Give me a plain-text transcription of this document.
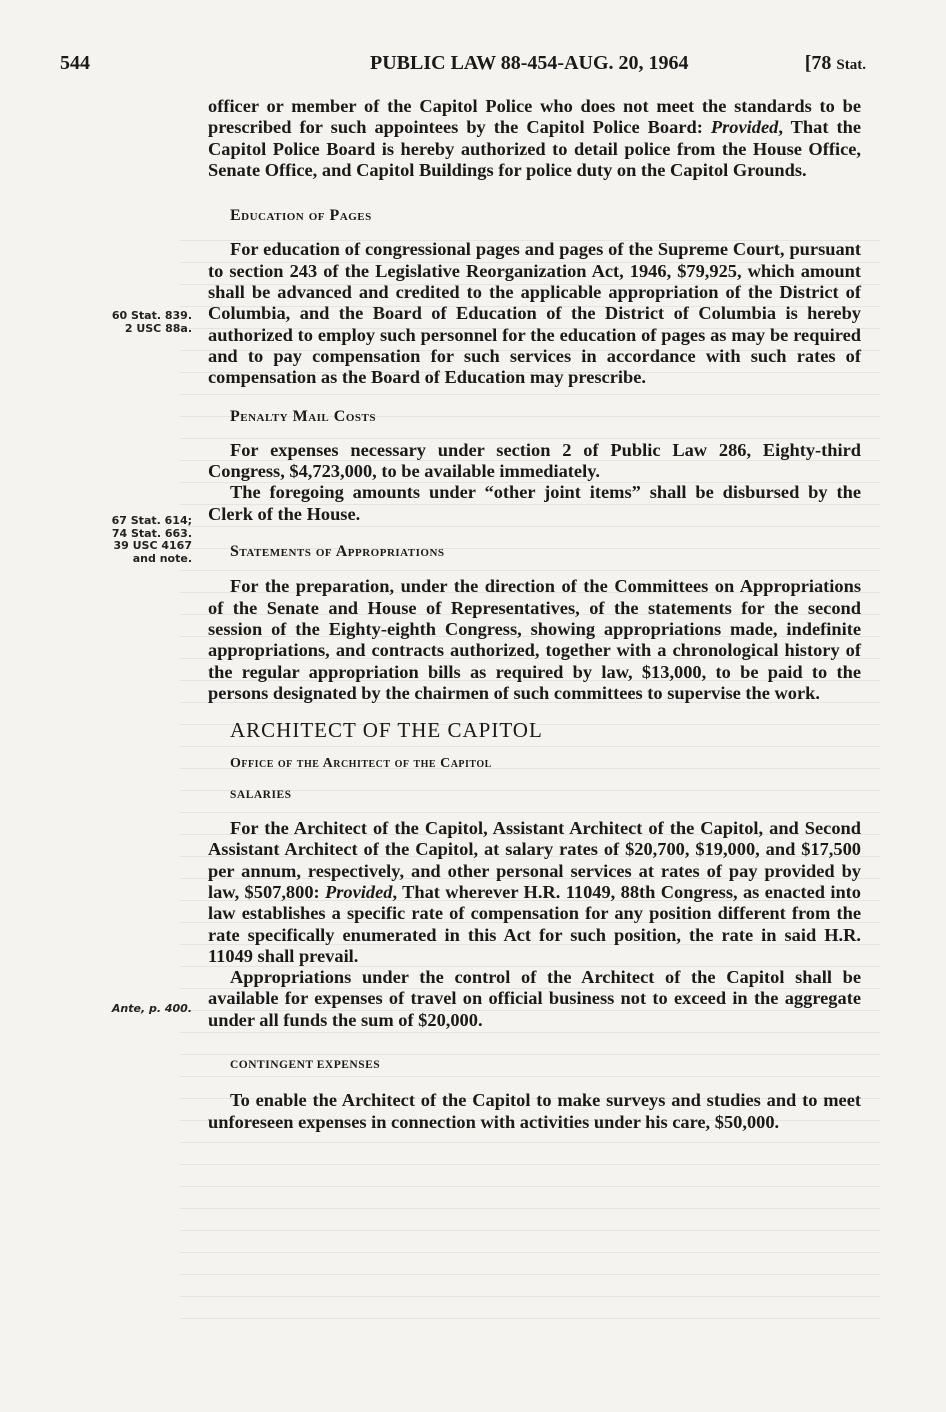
544	PUBLIC LAW 88-454-AUG. 20, 1964	[78 Stat.
60 Stat. 839.
2 USC 88a.
67 Stat. 614;
74 Stat. 663.
39 USC 4167
and note.
Ante, p. 400.

officer or member of the Capitol Police who does not meet the standards to be prescribed for such appointees by the Capitol Police Board: Provided, That the Capitol Police Board is hereby authorized to detail police from the House Office, Senate Office, and Capitol Buildings for police duty on the Capitol Grounds.

Education of Pages

For education of congressional pages and pages of the Supreme Court, pursuant to section 243 of the Legislative Reorganization Act, 1946, $79,925, which amount shall be advanced and credited to the applicable appropriation of the District of Columbia, and the Board of Education of the District of Columbia is hereby authorized to employ such personnel for the education of pages as may be required and to pay compensation for such services in accordance with such rates of compensation as the Board of Education may prescribe.

Penalty Mail Costs

For expenses necessary under section 2 of Public Law 286, Eighty-third Congress, $4,723,000, to be available immediately.

The foregoing amounts under “other joint items” shall be disbursed by the Clerk of the House.

Statements of Appropriations

For the preparation, under the direction of the Committees on Appropriations of the Senate and House of Representatives, of the statements for the second session of the Eighty-eighth Congress, showing appropriations made, indefinite appropriations, and contracts authorized, together with a chronological history of the regular appropriation bills as required by law, $13,000, to be paid to the persons designated by the chairmen of such committees to supervise the work.

ARCHITECT OF THE CAPITOL

Office of the Architect of the Capitol

SALARIES

For the Architect of the Capitol, Assistant Architect of the Capitol, and Second Assistant Architect of the Capitol, at salary rates of $20,700, $19,000, and $17,500 per annum, respectively, and other personal services at rates of pay provided by law, $507,800: Provided, That wherever H.R. 11049, 88th Congress, as enacted into law establishes a specific rate of compensation for any position different from the rate specifically enumerated in this Act for such position, the rate in said H.R. 11049 shall prevail.

Appropriations under the control of the Architect of the Capitol shall be available for expenses of travel on official business not to exceed in the aggregate under all funds the sum of $20,000.

CONTINGENT EXPENSES

To enable the Architect of the Capitol to make surveys and studies and to meet unforeseen expenses in connection with activities under his care, $50,000.
